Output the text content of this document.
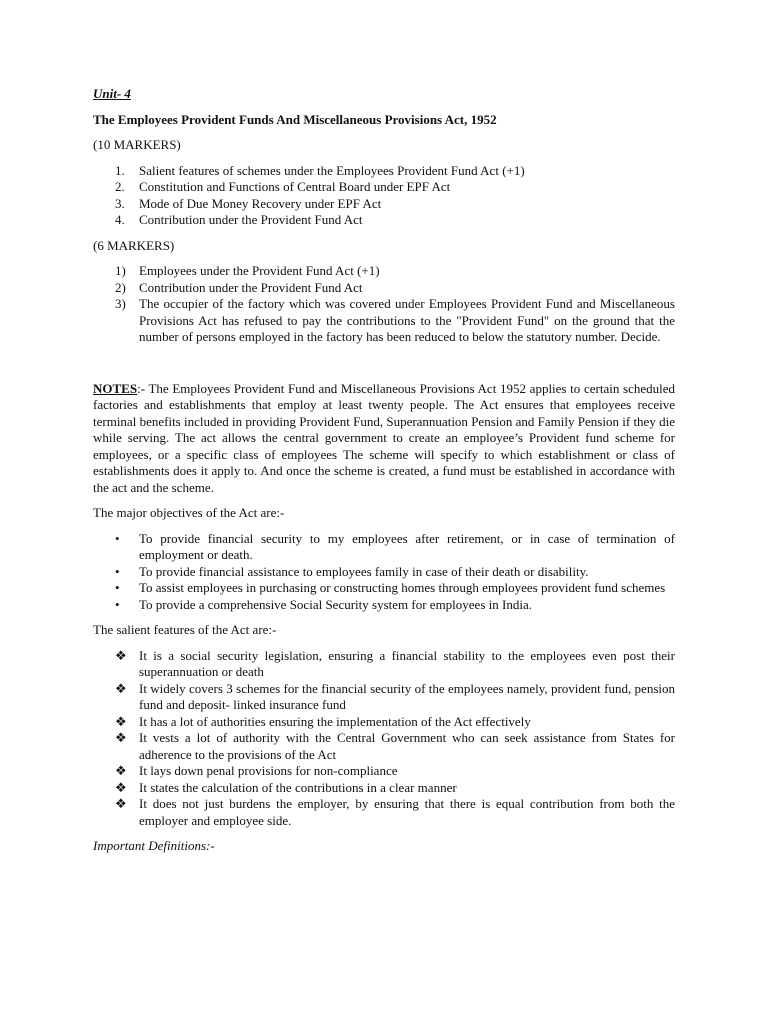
Unit- 4

The Employees Provident Funds And Miscellaneous Provisions Act, 1952

(10 MARKERS)

1. Salient features of schemes under the Employees Provident Fund Act (+1)
2. Constitution and Functions of Central Board under EPF Act
3. Mode of Due Money Recovery under EPF Act
4. Contribution under the Provident Fund Act

(6 MARKERS)

1) Employees under the Provident Fund Act (+1)
2) Contribution under the Provident Fund Act
3) The occupier of the factory which was covered under Employees Provident Fund and Miscellaneous Provisions Act has refused to pay the contributions to the "Provident Fund" on the ground that the number of persons employed in the factory has been reduced to below the statutory number. Decide.

NOTES:- The Employees Provident Fund and Miscellaneous Provisions Act 1952 applies to certain scheduled factories and establishments that employ at least twenty people. The Act ensures that employees receive terminal benefits included in providing Provident Fund, Superannuation Pension and Family Pension if they die while serving. The act allows the central government to create an employee’s Provident fund scheme for employees, or a specific class of employees The scheme will specify to which establishment or class of establishments does it apply to. And once the scheme is created, a fund must be established in accordance with the act and the scheme.

The major objectives of the Act are:-

• To provide financial security to my employees after retirement, or in case of termination of employment or death.
• To provide financial assistance to employees family in case of their death or disability.
• To assist employees in purchasing or constructing homes through employees provident fund schemes
• To provide a comprehensive Social Security system for employees in India.

The salient features of the Act are:-

❖ It is a social security legislation, ensuring a financial stability to the employees even post their superannuation or death
❖ It widely covers 3 schemes for the financial security of the employees namely, provident fund, pension fund and deposit- linked insurance fund
❖ It has a lot of authorities ensuring the implementation of the Act effectively
❖ It vests a lot of authority with the Central Government who can seek assistance from States for adherence to the provisions of the Act
❖ It lays down penal provisions for non-compliance
❖ It states the calculation of the contributions in a clear manner
❖ It does not just burdens the employer, by ensuring that there is equal contribution from both the employer and employee side.

Important Definitions:-
